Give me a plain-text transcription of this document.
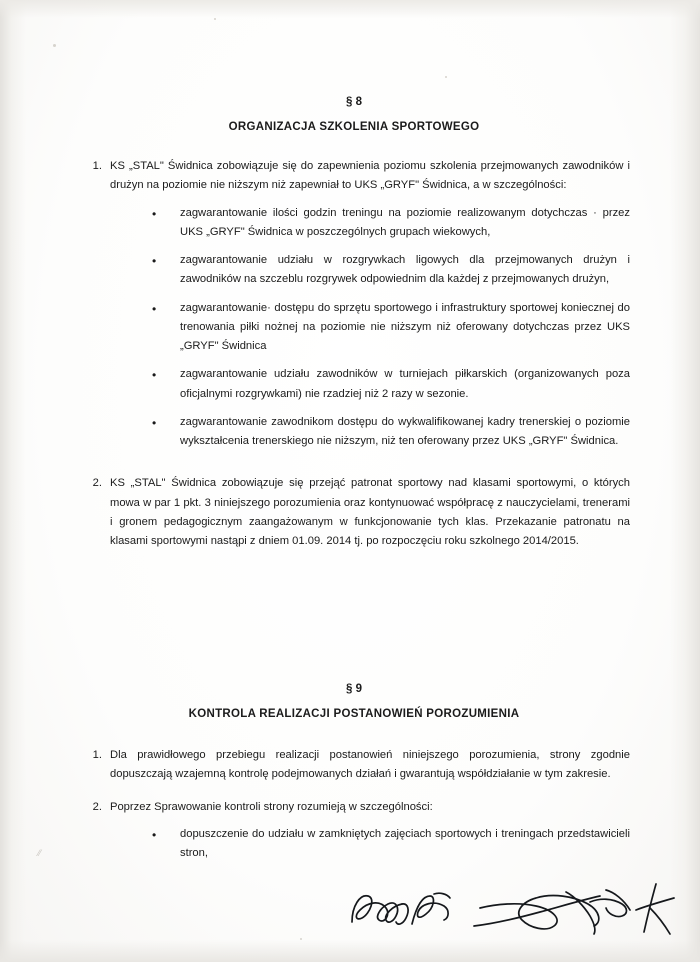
⁄⁄
§ 8
ORGANIZACJA SZKOLENIA SPORTOWEGO
1. KS „STAL" Świdnica zobowiązuje się do zapewnienia poziomu szkolenia przejmowanych zawodników i drużyn na poziomie nie niższym niż zapewniał to UKS „GRYF" Świdnica, a w szczególności:
•	zagwarantowanie ilości godzin treningu na poziomie realizowanym dotychczas · przez UKS „GRYF" Świdnica w poszczególnych grupach wiekowych,
•	zagwarantowanie udziału w rozgrywkach ligowych dla przejmowanych drużyn i zawodników na szczeblu rozgrywek odpowiednim dla każdej z przejmowanych drużyn,
•	zagwarantowanie· dostępu do sprzętu sportowego i infrastruktury sportowej koniecznej do trenowania piłki nożnej na poziomie nie niższym niż oferowany dotychczas przez UKS „GRYF" Świdnica
•	zagwarantowanie udziału zawodników w turniejach piłkarskich (organizowanych poza oficjalnymi rozgrywkami) nie rzadziej niż 2 razy w sezonie.
•	zagwarantowanie zawodnikom dostępu do wykwalifikowanej kadry trenerskiej o poziomie wykształcenia trenerskiego nie niższym, niż ten oferowany przez UKS „GRYF" Świdnica.
2. KS „STAL" Świdnica zobowiązuje się przejąć patronat sportowy nad klasami sportowymi, o których mowa w par 1 pkt. 3 niniejszego porozumienia oraz kontynuować współpracę z nauczycielami, trenerami i gronem pedagogicznym zaangażowanym w funkcjonowanie tych klas. Przekazanie patronatu na klasami sportowymi nastąpi z dniem 01.09. 2014 tj. po rozpoczęciu roku szkolnego 2014/2015.
§ 9
KONTROLA REALIZACJI POSTANOWIEŃ POROZUMIENIA
1. Dla prawidłowego przebiegu realizacji postanowień niniejszego porozumienia, strony zgodnie dopuszczają wzajemną kontrolę podejmowanych działań i gwarantują współdziałanie w tym zakresie.
2. Poprzez Sprawowanie kontroli strony rozumieją w szczególności:
•	dopuszczenie do udziału w zamkniętych zajęciach sportowych i treningach przedstawicieli stron,
